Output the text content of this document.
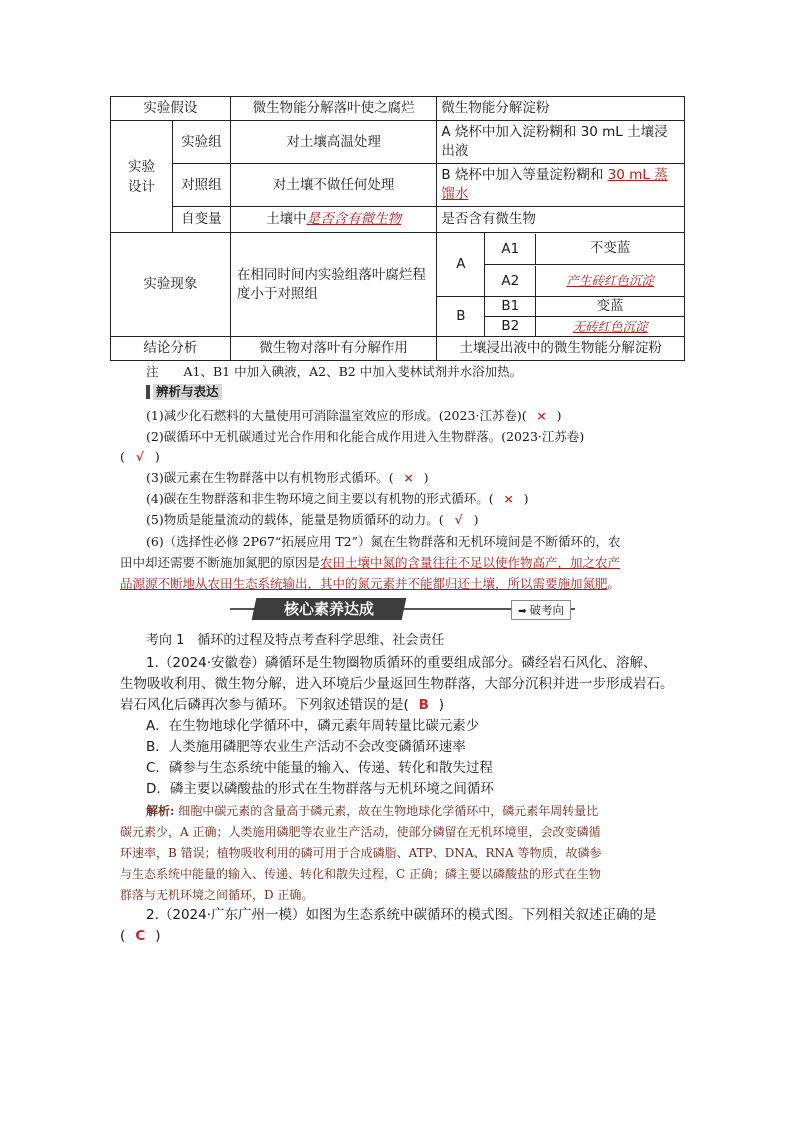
实验假设		微生物能分解落叶使之腐烂	微生物能分解淀粉	
实验设计	实验组	对土壤高温处理	A 烧杯中加入淀粉糊和 30 mL 土壤浸出液	
	对照组	对土壤不做任何处理	B 烧杯中加入等量淀粉糊和 30 mL 蒸馏水	
	自变量	土壤中是否含有微生物	是否含有微生物	
实验现象		在相同时间内实验组落叶腐烂程度小于对照组	A	A1 不变蓝

				A2 产生砖红色沉淀

			B	B1 变蓝

				B2 无砖红色沉淀

结论分析		微生物对落叶有分解作用	土壤浸出液中的微生物能分解淀粉	
注　　A1、B1 中加入碘液，A2、B2 中加入斐林试剂并水浴加热。
辨析与表达
(1)减少化石燃料的大量使用可消除温室效应的形成。(2023·江苏卷)( × )
(2)碳循环中无机碳通过光合作用和化能合成作用进入生物群落。(2023·江苏卷)
( √ )
(3)碳元素在生物群落中以有机物形式循环。( × )
(4)碳在生物群落和非生物环境之间主要以有机物的形式循环。( × )
(5)物质是能量流动的载体，能量是物质循环的动力。( √ )
(6)（选择性必修 2P67“拓展应用 T2”）氮在生物群落和无机环境间是不断循环的，农
田中却还需要不断施加氮肥的原因是农田土壤中氮的含量往往不足以使作物高产，加之农产
品源源不断地从农田生态系统输出，其中的氮元素并不能都归还土壤，所以需要施加氮肥。
核心素养达成	➡ 破考向
考向 1　循环的过程及特点考查科学思维、社会责任
1.（2024·安徽卷）磷循环是生物圈物质循环的重要组成部分。磷经岩石风化、溶解、
生物吸收利用、微生物分解，进入环境后少量返回生物群落，大部分沉积并进一步形成岩石。
岩石风化后磷再次参与循环。下列叙述错误的是( B )
A．在生物地球化学循环中，磷元素年周转量比碳元素少
B．人类施用磷肥等农业生产活动不会改变磷循环速率
C．磷参与生态系统中能量的输入、传递、转化和散失过程
D．磷主要以磷酸盐的形式在生物群落与无机环境之间循环
解析: 细胞中碳元素的含量高于磷元素，故在生物地球化学循环中，磷元素年周转量比
碳元素少，A 正确；人类施用磷肥等农业生产活动，使部分磷留在无机环境里，会改变磷循
环速率，B 错误；植物吸收利用的磷可用于合成磷脂、ATP、DNA、RNA 等物质，故磷参
与生态系统中能量的输入、传递、转化和散失过程，C 正确；磷主要以磷酸盐的形式在生物
群落与无机环境之间循环，D 正确。
2.（2024·广东广州一模）如图为生态系统中碳循环的模式图。下列相关叙述正确的是
( C )
